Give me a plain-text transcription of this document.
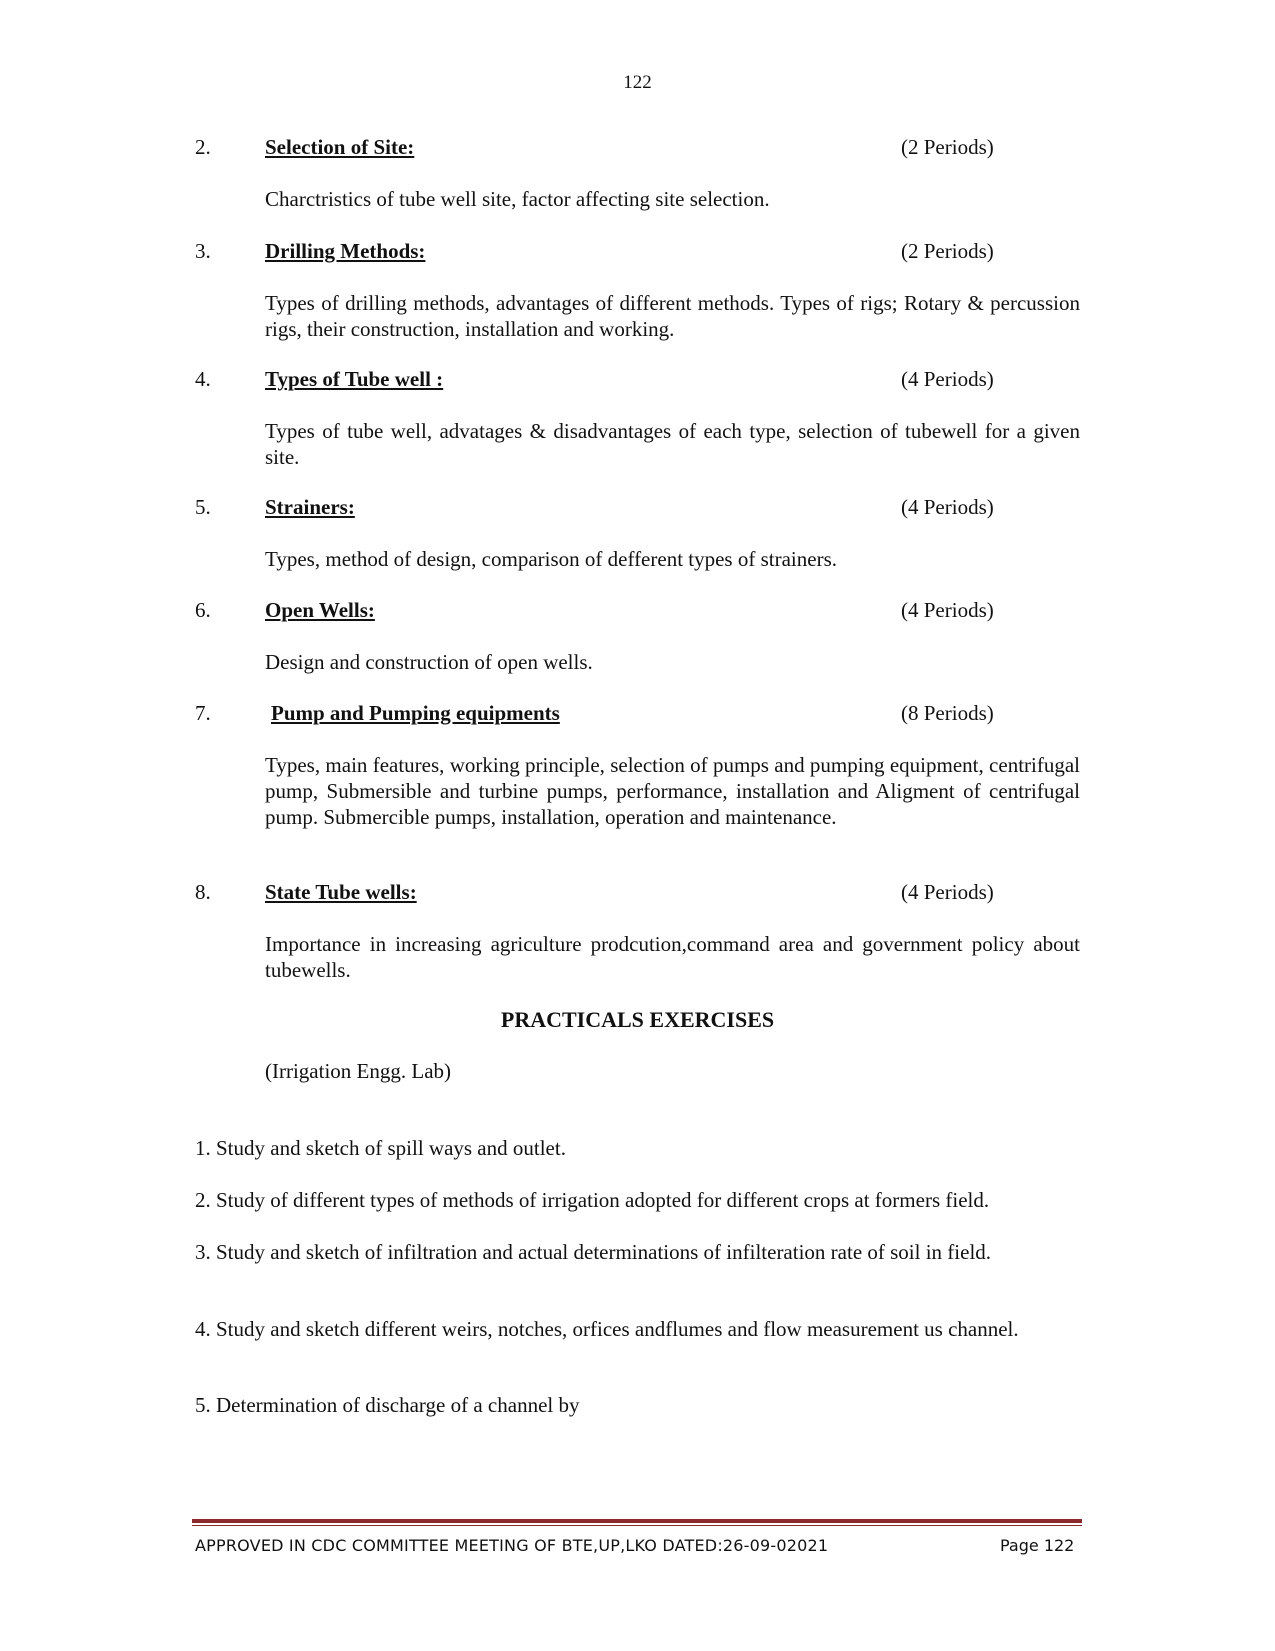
122
2.	Selection of Site:	(2 Periods)
Charctristics of tube well site, factor affecting site selection.
3.	Drilling Methods:	(2 Periods)
Types of drilling methods, advantages of different methods. Types of rigs; Rotary & percussion rigs, their construction, installation and working.
4.	Types of Tube well :	(4 Periods)
Types of tube well, advatages & disadvantages of each type, selection of tubewell for a given site.
5.	Strainers:	(4 Periods)
Types, method of design, comparison of defferent types of strainers.
6.	Open Wells:	(4 Periods)
Design and construction of open wells.
7.	Pump and Pumping equipments	(8 Periods)
Types, main features, working principle, selection of pumps and pumping equipment, centrifugal pump, Submersible and turbine pumps, performance, installation and Aligment of centrifugal pump. Submercible pumps, installation, operation and maintenance.
8.	State Tube wells:	(4 Periods)
Importance in increasing agriculture prodcution,command area and government policy about tubewells.
PRACTICALS EXERCISES
(Irrigation Engg. Lab)
1. Study and sketch of spill ways and outlet.
2. Study of different types of methods of irrigation adopted for different crops at formers field.
3. Study and sketch of infiltration and actual determinations of infilteration rate of soil in field.
4. Study and sketch different weirs, notches, orfices andflumes and flow measurement us channel.
5. Determination of discharge of a channel by
APPROVED IN CDC COMMITTEE MEETING OF BTE,UP,LKO DATED:26-09-02021	Page 122
